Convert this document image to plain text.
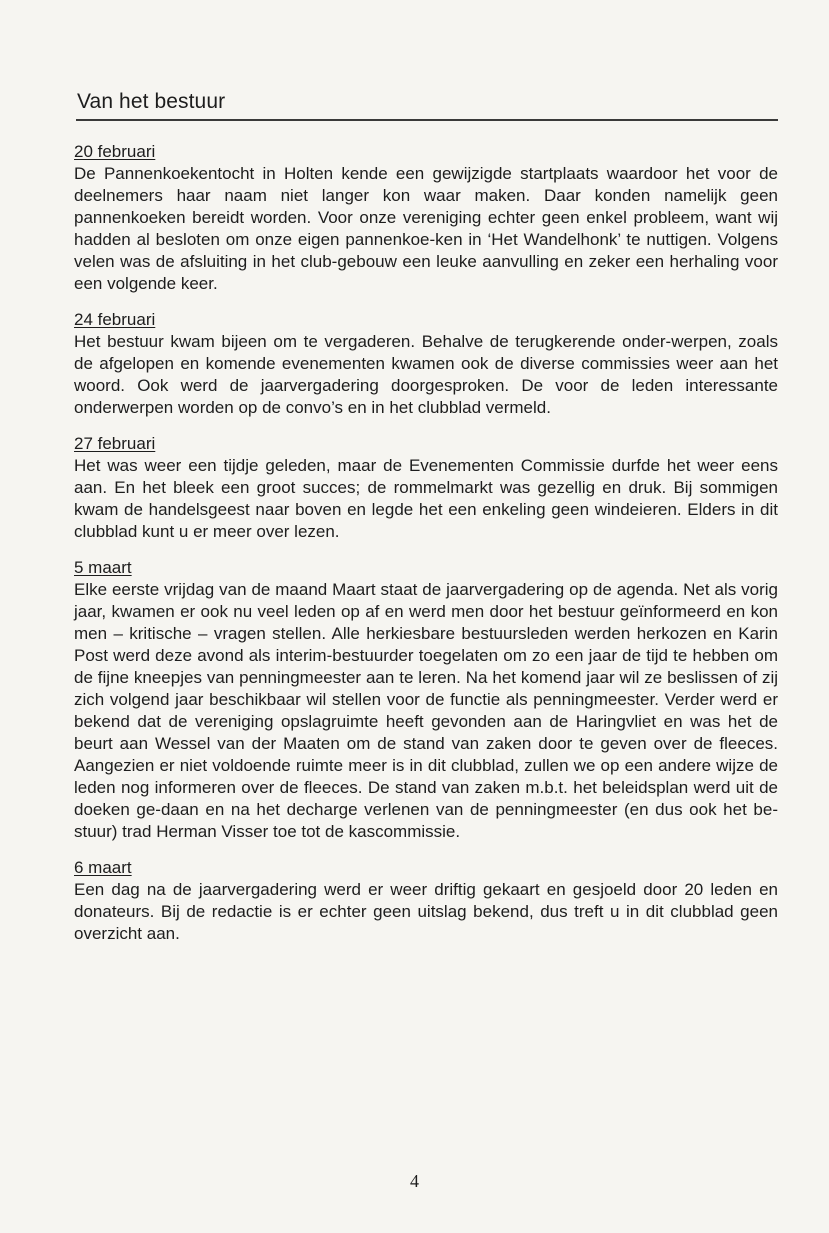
Van het bestuur
20 februari

De Pannenkoekentocht in Holten kende een gewijzigde startplaats waardoor het voor de deelnemers haar naam niet langer kon waar maken. Daar konden namelijk geen pannenkoeken bereidt worden. Voor onze vereniging echter geen enkel probleem, want wij hadden al besloten om onze eigen pannenkoe-ken in ‘Het Wandelhonk’ te nuttigen. Volgens velen was de afsluiting in het club-gebouw een leuke aanvulling en zeker een herhaling voor een volgende keer.

24 februari

Het bestuur kwam bijeen om te vergaderen. Behalve de terugkerende onder-werpen, zoals de afgelopen en komende evenementen kwamen ook de diverse commissies weer aan het woord. Ook werd de jaarvergadering doorgesproken. De voor de leden interessante onderwerpen worden op de convo’s en in het clubblad vermeld.

27 februari

Het was weer een tijdje geleden, maar de Evenementen Commissie durfde het weer eens aan. En het bleek een groot succes; de rommelmarkt was gezellig en druk. Bij sommigen kwam de handelsgeest naar boven en legde het een enkeling geen windeieren. Elders in dit clubblad kunt u er meer over lezen.

5 maart

Elke eerste vrijdag van de maand Maart staat de jaarvergadering op de agenda. Net als vorig jaar, kwamen er ook nu veel leden op af en werd men door het bestuur geïnformeerd en kon men – kritische – vragen stellen. Alle herkiesbare bestuursleden werden herkozen en Karin Post werd deze avond als interim-bestuurder toegelaten om zo een jaar de tijd te hebben om de fijne kneepjes van penningmeester aan te leren. Na het komend jaar wil ze beslissen of zij zich volgend jaar beschikbaar wil stellen voor de functie als penningmeester. Verder werd er bekend dat de vereniging opslagruimte heeft gevonden aan de Haringvliet en was het de beurt aan Wessel van der Maaten om de stand van zaken door te geven over de fleeces. Aangezien er niet voldoende ruimte meer is in dit clubblad, zullen we op een andere wijze de leden nog informeren over de fleeces. De stand van zaken m.b.t. het beleidsplan werd uit de doeken ge-daan en na het decharge verlenen van de penningmeester (en dus ook het be-stuur) trad Herman Visser toe tot de kascommissie.

6 maart

Een dag na de jaarvergadering werd er weer driftig gekaart en gesjoeld door 20 leden en donateurs. Bij de redactie is er echter geen uitslag bekend, dus treft u in dit clubblad geen overzicht aan.

4
